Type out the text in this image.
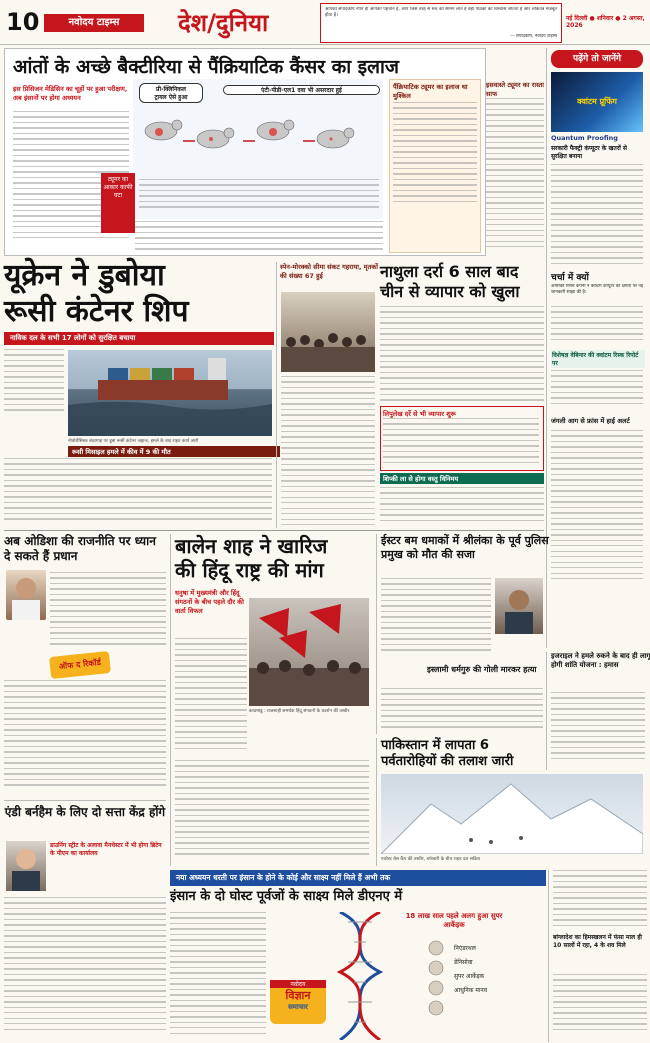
10	नवोदय टाइम्स	देश/दुनिया	आपकी संपादकीय नीति ही आपकी पहचान है, आप जिस तरह से सच को सामने लाते हैं वही पाठकों का विश्वास जीतता है और लोकतंत्र मजबूत होता है।
— संपादकीय, नवोदय टाइम्स
नई दिल्ली ● शनिवार ● 2 अगस्त, 2026
आंतों के अच्छे बैक्टीरिया से पैंक्रियाटिक कैंसर का इलाज
इस प्रिसिजन मेडिसिन का चूहों पर हुआ परीक्षण, अब इंसानों पर होगा अध्ययन
प्री-क्लिनिकल
ट्रायल ऐसे हुआ
एंटी-पीडी-एल1 दवा भी असरदार हुई
ट्यूमर का आकार काफी घटा
पैंक्रियाटिक ट्यूमर का इलाज था मुश्किल
इसवास्ते ट्यूमर का रास्ता साफ
पढ़ेंगे तो जानेंगे
क्वांटम प्रूफिंग
Quantum Proofing
सरकारी फैक्ट्री कंप्यूटर के खतरों से सुरक्षित बनाना
चर्चा में क्यों
अमेरिकी रिसर्च कंपनी ने क्वांटम कंप्यूटर की क्षमता पर नई जानकारी साझा की है।
विशेषज्ञ वेबिनार की क्वांटम रिस्क रिपोर्ट पर
जंगली आग से फ्रांस में हाई अलर्ट
यूक्रेन ने डुबोया
रूसी कंटेनर शिप
नाविक दल के सभी 17 लोगों को सुरक्षित बचाया
नोवोरोसिस्क बंदरगाह पर डूबा रूसी कंटेनर जहाज, हमले के बाद राहत कार्य जारी
रूसी मिसाइल हमले में कीव में 9 की मौत
स्पेन-मोरक्को सीमा संकट गहराया, मृतकों की संख्या 67 हुई	नाथुला दर्रा 6 साल बाद
चीन से व्यापार को खुला
लिपुलेख दर्रे से भी व्यापार शुरू
शिप्की ला से होगा वस्तु विनिमय
अब ओडिशा की राजनीति पर ध्यान दे सकते हैं प्रधान
ऑफ द रिकॉर्ड
बालेन शाह ने खारिज
की हिंदू राष्ट्र की मांग
धनुषा में मुख्यमंत्री और हिंदू संगठनों के बीच पहले दौर की वार्ता विफल
काठमांडू : राजशाही समर्थक हिंदू संगठनों के प्रदर्शन की तस्वीर
ईस्टर बम धमाकों में श्रीलंका के पूर्व पुलिस प्रमुख को मौत की सजा
इस्लामी धर्मगुरु की गोली मारकर हत्या
इजराइल ने हमले रुकने के बाद ही लागू होगी शांति योजना : हमास
पाकिस्तान में लापता 6
पर्वतारोहियों की तलाश जारी
एवरेस्ट बेस कैंप की तस्वीर, बर्फबारी के बीच राहत दल सक्रिय
एंडी बर्नहैम के लिए दो सत्ता केंद्र होंगे
डाउनिंग स्ट्रीट के अलावा मैनचेस्टर में भी होगा ब्रिटेन के पीएम का कार्यालय
नया अध्ययन धरती पर इंसान के होने के कोई और साक्ष्य नहीं मिले हैं अभी तक
इंसान के दो घोस्ट पूर्वजों के साक्ष्य मिले डीएनए में
नवोदय
विज्ञान
समाचार
18 लाख साल पहले अलग हुआ सुपर आर्केइक
निएंडरथल
डेनिसोवा
सुपर आर्केइक
आधुनिक मानव
बांग्लादेश का हिमस्खलन में फंसा माल ही 10 सालों में रहा, 4 के शव मिले
